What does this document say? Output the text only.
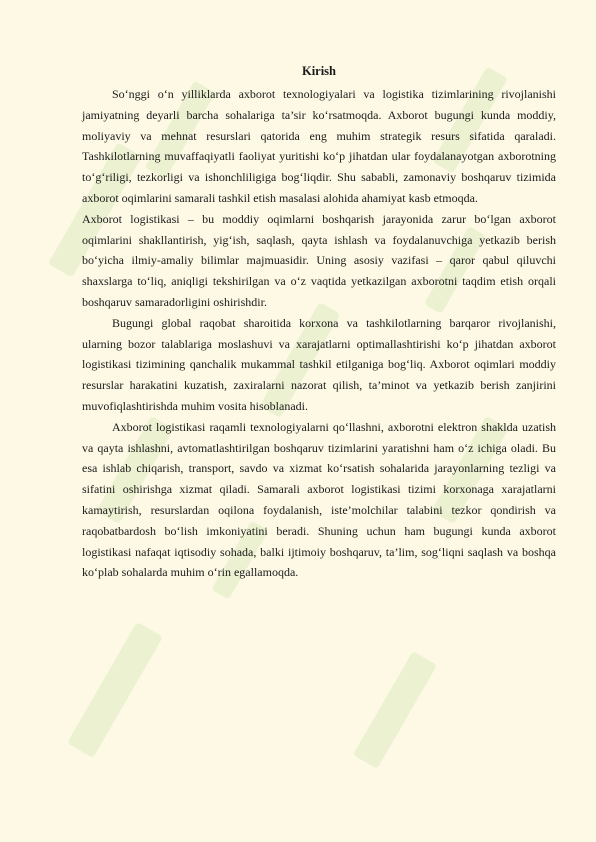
Kirish

So‘nggi o‘n yilliklarda axborot texnologiyalari va logistika tizimlarining rivojlanishi jamiyatning deyarli barcha sohalariga ta’sir ko‘rsatmoqda. Axborot bugungi kunda moddiy, moliyaviy va mehnat resurslari qatorida eng muhim strategik resurs sifatida qaraladi. Tashkilotlarning muvaffaqiyatli faoliyat yuritishi ko‘p jihatdan ular foydalanayotgan axborotning to‘g‘riligi, tezkorligi va ishonchliligiga bog‘liqdir. Shu sababli, zamonaviy boshqaruv tizimida axborot oqimlarini samarali tashkil etish masalasi alohida ahamiyat kasb etmoqda.

Axborot logistikasi – bu moddiy oqimlarni boshqarish jarayonida zarur bo‘lgan axborot oqimlarini shakllantirish, yig‘ish, saqlash, qayta ishlash va foydalanuvchiga yetkazib berish bo‘yicha ilmiy-amaliy bilimlar majmuasidir. Uning asosiy vazifasi – qaror qabul qiluvchi shaxslarga to‘liq, aniqligi tekshirilgan va o‘z vaqtida yetkazilgan axborotni taqdim etish orqali boshqaruv samaradorligini oshirishdir.

Bugungi global raqobat sharoitida korxona va tashkilotlarning barqaror rivojlanishi, ularning bozor talablariga moslashuvi va xarajatlarni optimallashtirishi ko‘p jihatdan axborot logistikasi tizimining qanchalik mukammal tashkil etilganiga bog‘liq. Axborot oqimlari moddiy resurslar harakatini kuzatish, zaxiralarni nazorat qilish, ta’minot va yetkazib berish zanjirini muvofiqlashtirishda muhim vosita hisoblanadi.

Axborot logistikasi raqamli texnologiyalarni qo‘llashni, axborotni elektron shaklda uzatish va qayta ishlashni, avtomatlashtirilgan boshqaruv tizimlarini yaratishni ham o‘z ichiga oladi. Bu esa ishlab chiqarish, transport, savdo va xizmat ko‘rsatish sohalarida jarayonlarning tezligi va sifatini oshirishga xizmat qiladi. Samarali axborot logistikasi tizimi korxonaga xarajatlarni kamaytirish, resurslardan oqilona foydalanish, iste’molchilar talabini tezkor qondirish va raqobatbardosh bo‘lish imkoniyatini beradi. Shuning uchun ham bugungi kunda axborot logistikasi nafaqat iqtisodiy sohada, balki ijtimoiy boshqaruv, ta’lim, sog‘liqni saqlash va boshqa ko‘plab sohalarda muhim o‘rin egallamoqda.
